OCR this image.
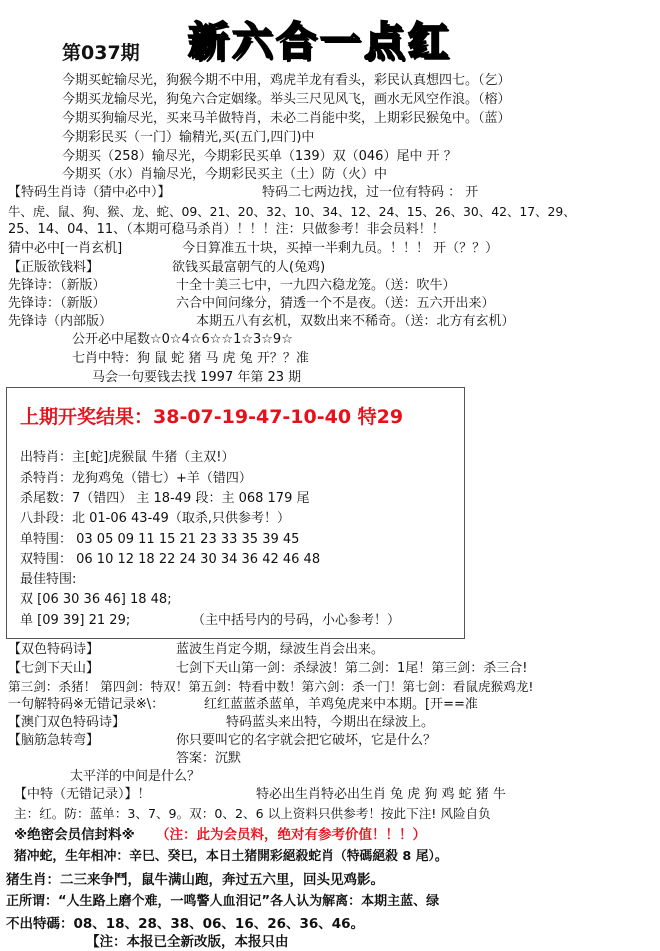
第037期 新六合一点红
今期买蛇输尽光，狗猴今期不中用，鸡虎羊龙有看头，彩民认真想四七。（乞）
今期买龙输尽光，狗兔六合定姻缘。举头三尺见风飞，画水无风空作浪。（榕）
今期买狗输尽光，买来马羊做特肖，未必二肖能中奖，上期彩民猴兔中。（蓝）
今期彩民买（一门）输精光,买(五门,四门)中
今期买（258）输尽光，今期彩民买单（139）双（046）尾中 开 ？
今期买（水）肖输尽光，今期彩民买主（土）防（火）中
【特码生肖诗（猜中必中）】	特码二七两边找，过一位有特码 ： 开
牛、虎、鼠、狗、猴、龙、蛇、09、21、20、32、10、34、12、24、15、26、30、42、17、29、
25、14、04、11、（本期可稳马杀肖）！！！注：只做参考！非会员料！！
猜中必中[一肖玄机]	今日算准五十块，买掉一半剩九员。！！！ 开（？？）
【正版欲钱料】	欲钱买最富朝气的人(兔鸡)
先锋诗：（新版）	十全十美三七中，一九四六稳龙笼。（送：吹牛）
先锋诗：（新版）	六合中间问缘分，猜透一个不是夜。（送：五六开出来）
先锋诗（内部版）	本期五八有玄机，双数出来不稀奇。（送：北方有玄机）
公开必中尾数☆0☆4☆6☆☆1☆3☆9☆
七肖中特：狗 鼠 蛇 猪 马 虎 兔 开？？准
马会一句要钱去找 1997 年第 23 期
上期开奖结果：38-07-19-47-10-40 特29
出特肖：主[蛇]虎猴鼠 牛猪（主双!）
杀特肖：龙狗鸡兔（错七）+羊（错四）
杀尾数：7（错四） 主 18-49 段：主 068 179 尾
八卦段：北 01-06 43-49（取杀,只供参考！）
单特围： 03 05 09 11 15 21 23 33 35 39 45
双特围： 06 10 12 18 22 24 30 34 36 42 46 48
最佳特围:
双 [06 30 36 46] 18 48;
单 [09 39] 21 29;	（主中括号内的号码，小心参考！）
【双色特码诗】	蓝波生肖定今期，绿波生肖会出来。
【七剑下天山】	七剑下天山第一剑：杀绿波！第二剑：1尾！第三剑：杀三合!
第三剑：杀猪！ 第四剑：特双！第五剑：特看中数！第六剑：杀一门！第七剑：看鼠虎猴鸡龙!
一句解特码※无错记录※\：	红红蓝蓝杀蓝单，羊鸡兔虎来中本期。[开==准
【澳门双色特码诗】	特码蓝头来出特，今期出在绿波上。
【脑筋急转弯】	你只要叫它的名字就会把它破坏，它是什么？
答案：沉默
太平洋的中间是什么？
【中特（无错记录）】！	特必出生肖特必出生肖 兔 虎 狗 鸡 蛇 猪 牛
主：红。防：蓝单：3、7、9。双：0、2、6 以上资料只供参考！按此下注! 风险自负
※绝密会员信封料※ （注：此为会员料，绝对有参考价值！！！）
猪冲蛇，生年相冲：辛巳、癸巳，本日土猪開彩絕殺蛇肖（特碼絕殺 8 尾）。
猪生肖：二三来争鬥，鼠牛满山跑，奔过五六里，回头见鸡影。
正所谓：“人生路上磨个难，一鸣警人血泪记”各人认为解离：本期主蓝、绿
不出特碼：08、18、28、38、06、16、26、36、46。
【注：本报已全新改版，本报只由
